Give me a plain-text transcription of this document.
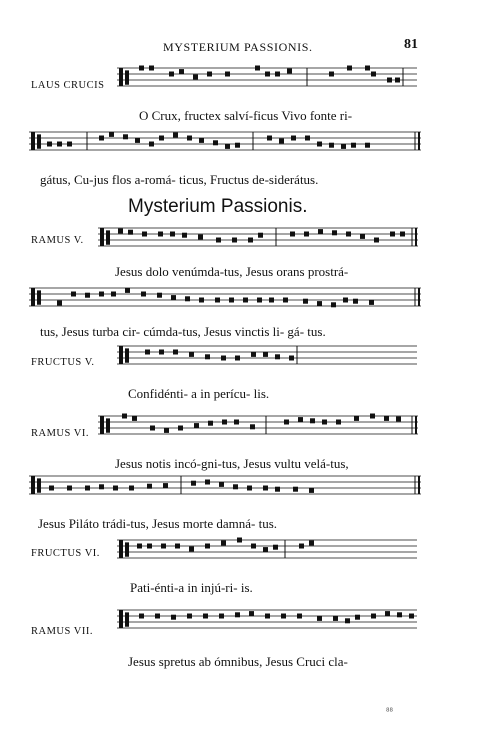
MYSTERIUM PASSIONIS.	81
LAUS CRUCIS
O Crux, fructex salví-ficus Vivo fonte ri-
gátus, Cu-jus flos a-romá- ticus, Fructus de-siderátus.
Mysterium Passionis.
RAMUS V.
Jesus dolo venúmda-tus, Jesus orans prostrá-
tus, Jesus turba cir- cúmda-tus, Jesus vinctis li- gá- tus.
FRUCTUS V.
Confidénti- a in perícu- lis.
RAMUS VI.
Jesus notis incó-gni-tus, Jesus vultu velá-tus,
Jesus Piláto trádi-tus, Jesus morte damná- tus.
FRUCTUS VI.
Pati-énti-a in injú-ri- is.
RAMUS VII.
Jesus spretus ab ómnibus, Jesus Cruci cla-
⁸⁸
